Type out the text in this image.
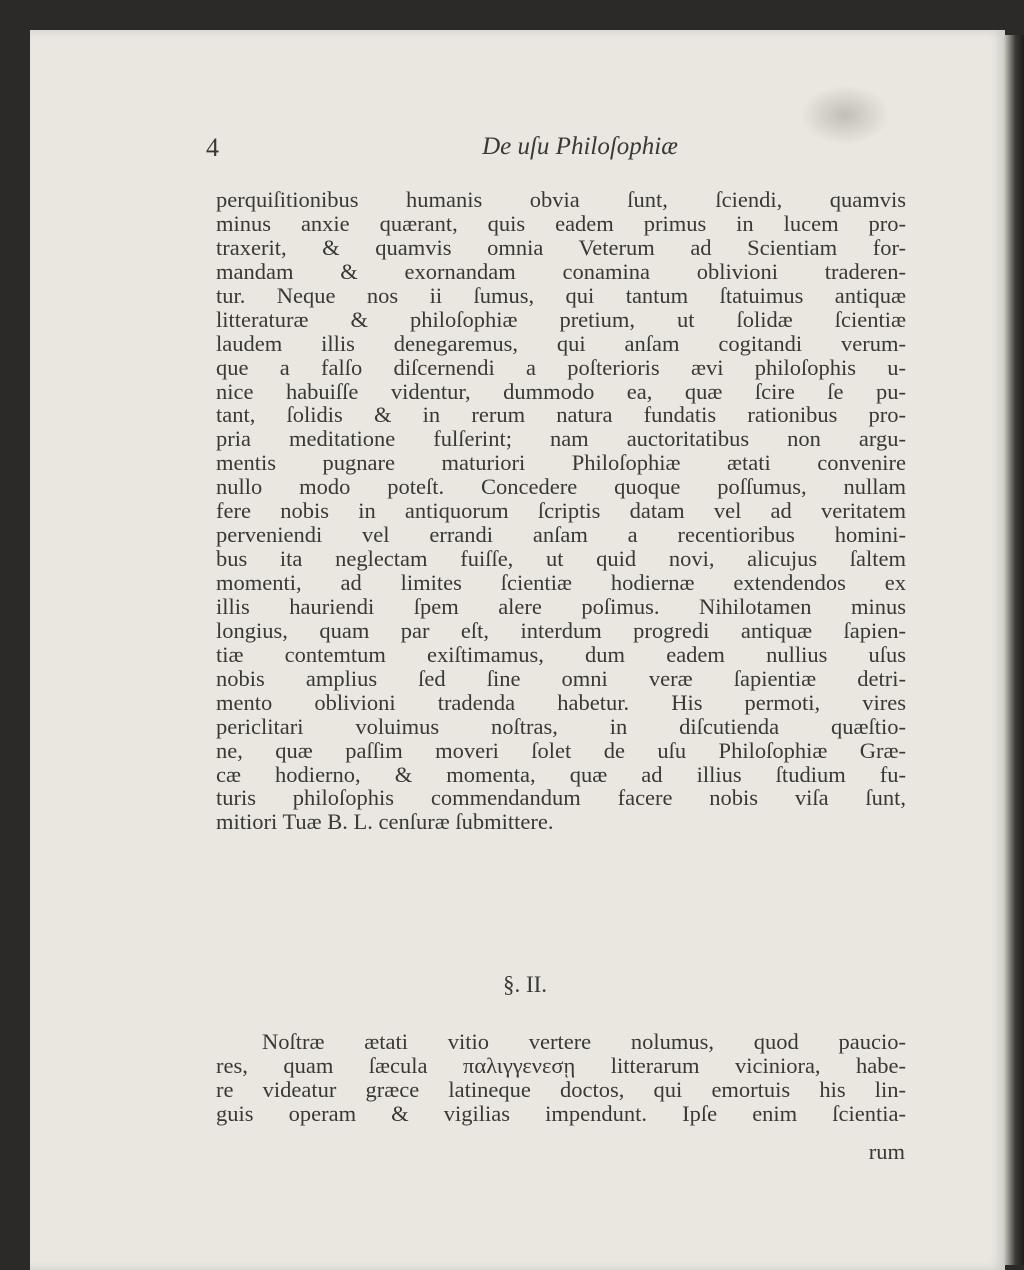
4	De uſu Philoſophiæ
perquiſitionibus humanis obvia ſunt, ſciendi, quamvis
minus anxie quærant, quis eadem primus in lucem pro-
traxerit, & quamvis omnia Veterum ad Scientiam for-
mandam & exornandam conamina oblivioni traderen-
tur. Neque nos ii ſumus, qui tantum ſtatuimus antiquæ
litteraturæ & philoſophiæ pretium, ut ſolidæ ſcientiæ
laudem illis denegaremus, qui anſam cogitandi verum-
que a falſo diſcernendi a poſterioris ævi philoſophis u-
nice habuiſſe videntur, dummodo ea, quæ ſcire ſe pu-
tant, ſolidis & in rerum natura fundatis rationibus pro-
pria meditatione fulſerint; nam auctoritatibus non argu-
mentis pugnare maturiori Philoſophiæ ætati convenire
nullo modo poteſt. Concedere quoque poſſumus, nullam
fere nobis in antiquorum ſcriptis datam vel ad veritatem
perveniendi vel errandi anſam a recentioribus homini-
bus ita neglectam fuiſſe, ut quid novi, alicujus ſaltem
momenti, ad limites ſcientiæ hodiernæ extendendos ex
illis hauriendi ſpem alere poſimus. Nihilotamen minus
longius, quam par eſt, interdum progredi antiquæ ſapien-
tiæ contemtum exiſtimamus, dum eadem nullius uſus
nobis amplius ſed ſine omni veræ ſapientiæ detri-
mento oblivioni tradenda habetur. His permoti, vires
periclitari voluimus noſtras, in diſcutienda quæſtio-
ne, quæ paſſim moveri ſolet de uſu Philoſophiæ Græ-
cæ hodierno, & momenta, quæ ad illius ſtudium fu-
turis philoſophis commendandum facere nobis viſa ſunt,
mitiori Tuæ B. L. cenſuræ ſubmittere.
§. II.
Noſtræ ætati vitio vertere nolumus, quod paucio-
res, quam ſæcula παλιγγενεσῃ litterarum viciniora, habe-
re videatur græce latineque doctos, qui emortuis his lin-
guis operam & vigilias impendunt. Ipſe enim ſcientia-
rum
